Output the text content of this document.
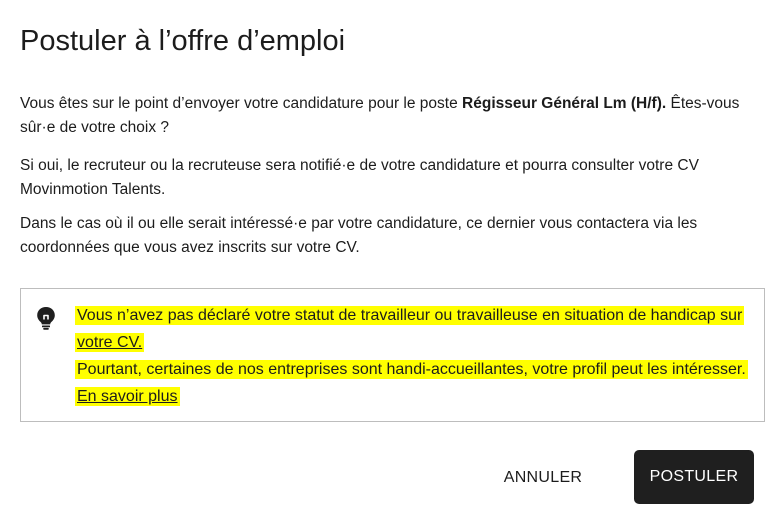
Postuler à l’offre d’emploi

Vous êtes sur le point d’envoyer votre candidature pour le poste Régisseur Général Lm (H/f). Êtes-vous sûr·e de votre choix ?

Si oui, le recruteur ou la recruteuse sera notifié·e de votre candidature et pourra consulter votre CV Movinmotion Talents.

Dans le cas où il ou elle serait intéressé·e par votre candidature, ce dernier vous contactera via les coordonnées que vous avez inscrits sur votre CV.

Vous n’avez pas déclaré votre statut de travailleur ou travailleuse en situation de handicap sur votre CV.
Pourtant, certaines de nos entreprises sont handi-accueillantes, votre profil peut les intéresser. En savoir plus
ANNULER	POSTULER
